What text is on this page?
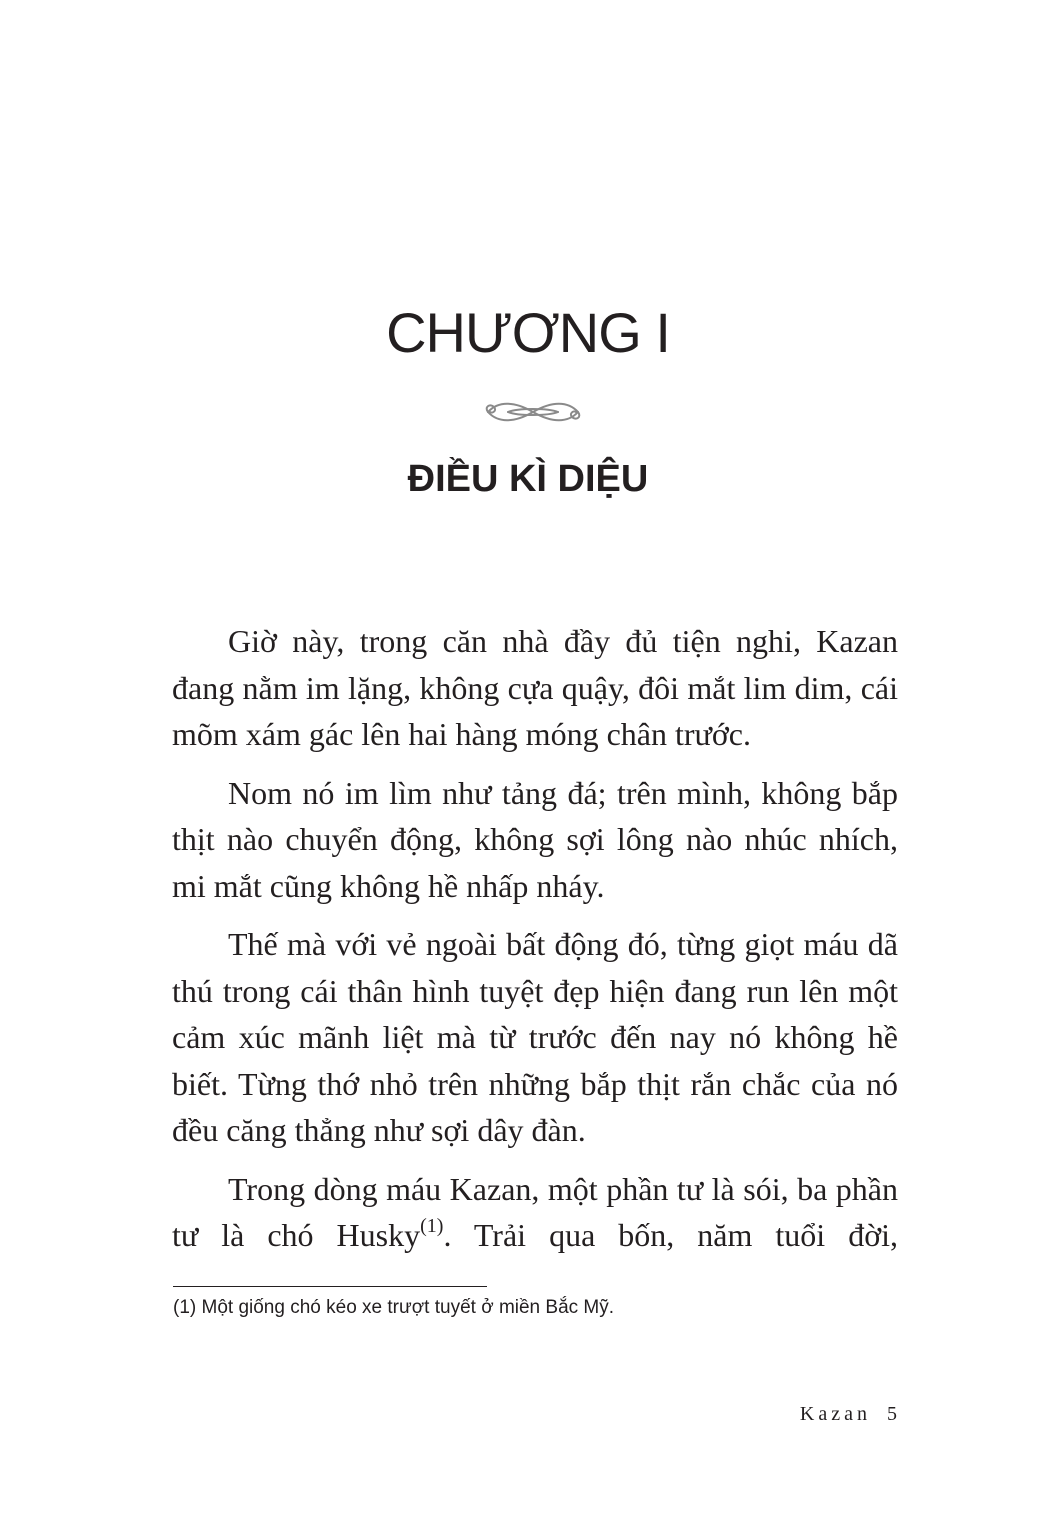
CHƯƠNG I
ĐIỀU KÌ DIỆU

Giờ này, trong căn nhà đầy đủ tiện nghi, Kazan đang nằm im lặng, không cựa quậy, đôi mắt lim dim, cái mõm xám gác lên hai hàng móng chân trước.

Nom nó im lìm như tảng đá; trên mình, không bắp thịt nào chuyển động, không sợi lông nào nhúc nhích, mi mắt cũng không hề nhấp nháy.

Thế mà với vẻ ngoài bất động đó, từng giọt máu dã thú trong cái thân hình tuyệt đẹp hiện đang run lên một cảm xúc mãnh liệt mà từ trước đến nay nó không hề biết. Từng thớ nhỏ trên những bắp thịt rắn chắc của nó đều căng thẳng như sợi dây đàn.

Trong dòng máu Kazan, một phần tư là sói, ba phần tư là chó Husky$^{(1)}$. Trải qua bốn, năm tuổi đời,

(1) Một giống chó kéo xe trượt tuyết ở miền Bắc Mỹ.
Kazan 5
